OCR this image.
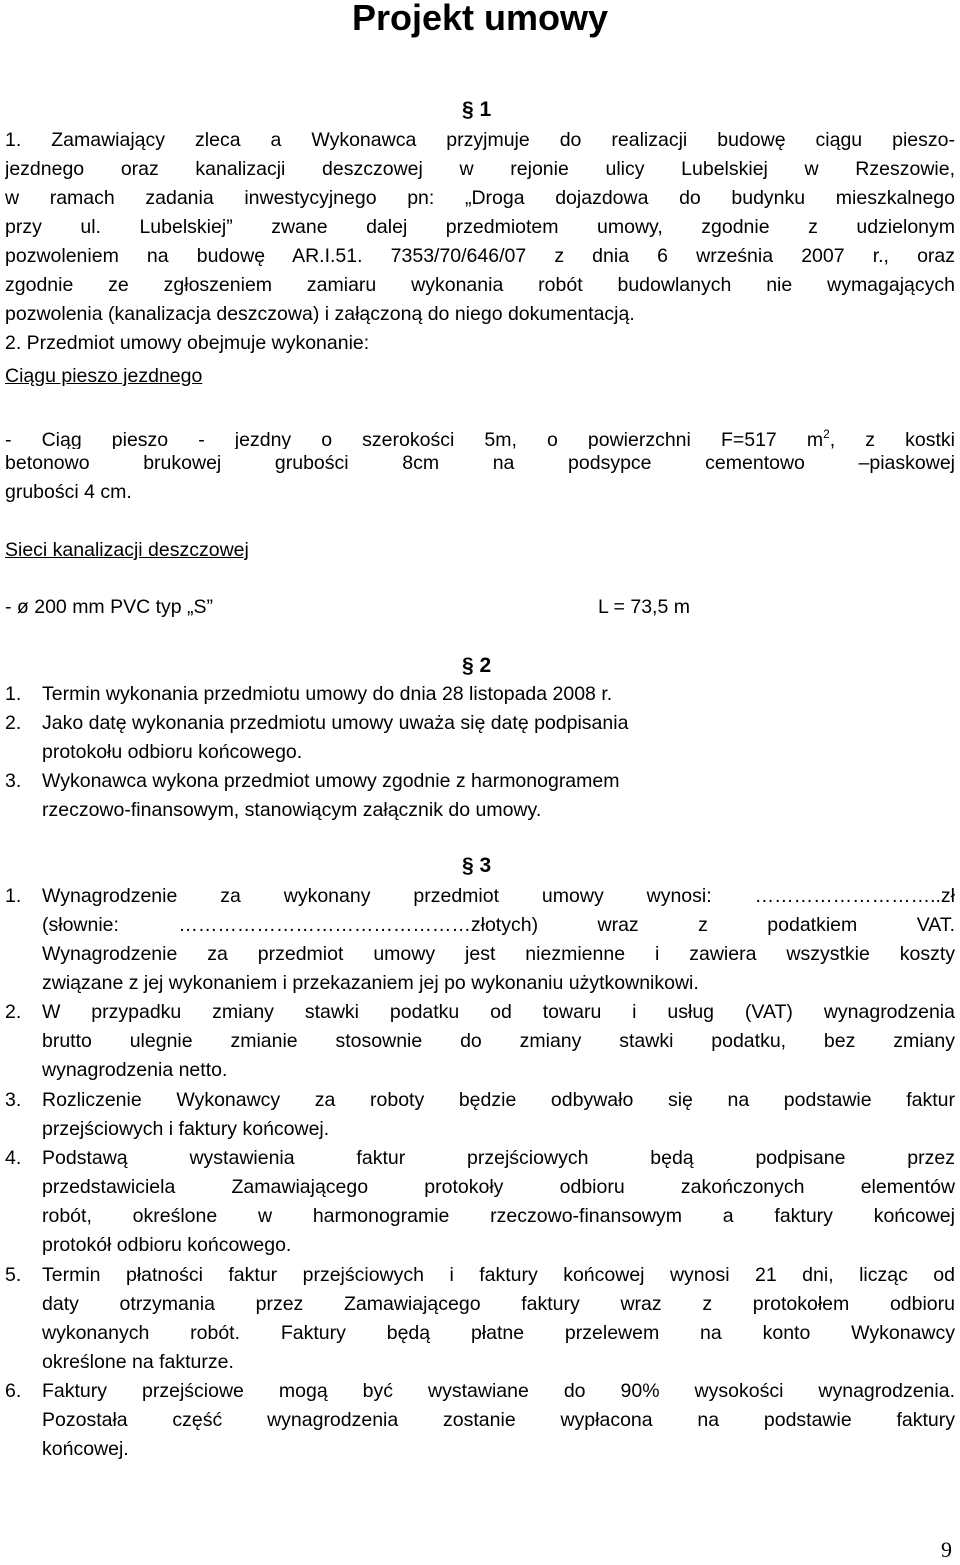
Projekt umowy
§ 1
1. Zamawiający zleca a Wykonawca przyjmuje do realizacji budowę ciągu pieszo-
jezdnego oraz kanalizacji deszczowej w rejonie ulicy Lubelskiej w Rzeszowie,
w ramach zadania inwestycyjnego pn: „Droga dojazdowa do budynku mieszkalnego
przy ul. Lubelskiej” zwane dalej przedmiotem umowy, zgodnie z udzielonym
pozwoleniem na budowę AR.I.51. 7353/70/646/07 z dnia 6 września 2007 r., oraz
zgodnie ze zgłoszeniem zamiaru wykonania robót budowlanych nie wymagających
pozwolenia (kanalizacja deszczowa) i załączoną do niego dokumentacją.
2. Przedmiot umowy obejmuje wykonanie:
Ciągu pieszo jezdnego
- Ciąg pieszo - jezdny o szerokości 5m, o powierzchni F=517 $m^2$, z kostki
betonowo brukowej grubości 8cm na podsypce cementowo –piaskowej
grubości 4 cm.
Sieci kanalizacji deszczowej
- ø 200 mm PVC typ „S”	L = 73,5 m
§ 2
1. Termin wykonania przedmiotu umowy do dnia 28 listopada 2008 r.
2. Jako datę wykonania przedmiotu umowy uważa się datę podpisania
protokołu odbioru końcowego.
3. Wykonawca wykona przedmiot umowy zgodnie z harmonogramem
rzeczowo-finansowym, stanowiącym załącznik do umowy.
§ 3
1. Wynagrodzenie za wykonany przedmiot umowy wynosi: ………………………..zł
(słownie: ………………………………………złotych) wraz z podatkiem VAT.
Wynagrodzenie za przedmiot umowy jest niezmienne i zawiera wszystkie koszty
związane z jej wykonaniem i przekazaniem jej po wykonaniu użytkownikowi.
2. W przypadku zmiany stawki podatku od towaru i usług (VAT) wynagrodzenia
brutto ulegnie zmianie stosownie do zmiany stawki podatku, bez zmiany
wynagrodzenia netto.
3. Rozliczenie Wykonawcy za roboty będzie odbywało się na podstawie faktur
przejściowych i faktury końcowej.
4. Podstawą wystawienia faktur przejściowych będą podpisane przez
przedstawiciela Zamawiającego protokoły odbioru zakończonych elementów
robót, określone w harmonogramie rzeczowo-finansowym a faktury końcowej
protokół odbioru końcowego.
5. Termin płatności faktur przejściowych i faktury końcowej wynosi 21 dni, licząc od
daty otrzymania przez Zamawiającego faktury wraz z protokołem odbioru
wykonanych robót. Faktury będą płatne przelewem na konto Wykonawcy
określone na fakturze.
6. Faktury przejściowe mogą być wystawiane do 90% wysokości wynagrodzenia.
Pozostała część wynagrodzenia zostanie wypłacona na podstawie faktury
końcowej.
9
